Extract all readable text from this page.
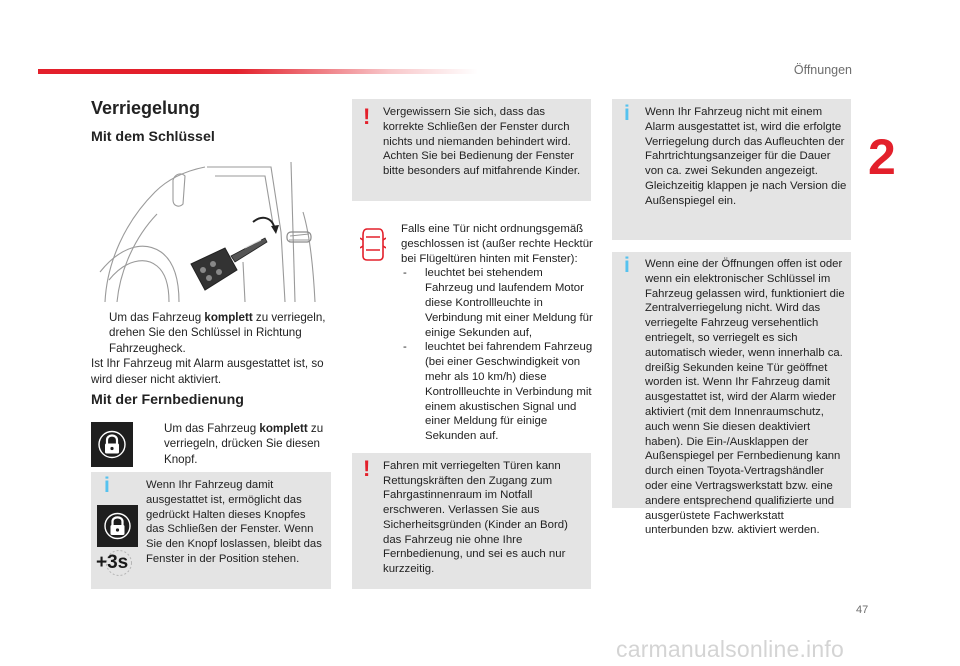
Öffnungen
2
Verriegelung
Mit dem Schlüssel
Um das Fahrzeug komplett zu verriegeln, drehen Sie den Schlüssel in Richtung Fahrzeugheck.

Ist Ihr Fahrzeug mit Alarm ausgestattet ist, so wird dieser nicht aktiviert.

Mit der Fernbedienung
Um das Fahrzeug komplett zu verriegeln, drücken Sie diesen Knopf.
i
+3s
Wenn Ihr Fahrzeug damit ausgestattet ist, ermöglicht das gedrückt Halten dieses Knopfes das Schließen der Fenster. Wenn Sie den Knopf loslassen, bleibt das Fenster in der Position stehen.
! Vergewissern Sie sich, dass das korrekte Schließen der Fenster durch nichts und niemanden behindert wird. Achten Sie bei Bedienung der Fenster bitte besonders auf mitfahrende Kinder.

Falls eine Tür nicht ordnungsgemäß geschlossen ist (außer rechte Hecktür bei Flügeltüren hinten mit Fenster):

-	leuchtet bei stehendem Fahrzeug und laufendem Motor diese Kontrollleuchte in Verbindung mit einer Meldung für einige Sekunden auf,
-	leuchtet bei fahrendem Fahrzeug (bei einer Geschwindigkeit von mehr als 10 km/h) diese Kontrollleuchte in Verbindung mit einem akustischen Signal und einer Meldung für einige Sekunden auf.
! Fahren mit verriegelten Türen kann Rettungskräften den Zugang zum Fahrgastinnenraum im Notfall erschweren. Verlassen Sie aus Sicherheitsgründen (Kinder an Bord) das Fahrzeug nie ohne Ihre Fernbedienung, und sei es auch nur kurzzeitig.
i Wenn Ihr Fahrzeug nicht mit einem Alarm ausgestattet ist, wird die erfolgte Verriegelung durch das Aufleuchten der Fahrtrichtungsanzeiger für die Dauer von ca. zwei Sekunden angezeigt. Gleichzeitig klappen je nach Version die Außenspiegel ein.
i Wenn eine der Öffnungen offen ist oder wenn ein elektronischer Schlüssel im Fahrzeug gelassen wird, funktioniert die Zentralverriegelung nicht. Wird das verriegelte Fahrzeug versehentlich entriegelt, so verriegelt es sich automatisch wieder, wenn innerhalb ca. dreißig Sekunden keine Tür geöffnet worden ist. Wenn Ihr Fahrzeug damit ausgestattet ist, wird der Alarm wieder aktiviert (mit dem Innenraumschutz, auch wenn Sie diesen deaktiviert haben). Die Ein-/Ausklappen der Außenspiegel per Fernbedienung kann durch einen Toyota-Vertragshändler oder eine Vertragswerkstatt bzw. eine andere entsprechend qualifizierte und ausgerüstete Fachwerkstatt unterbunden bzw. aktiviert werden.
47
carmanualsonline.info
